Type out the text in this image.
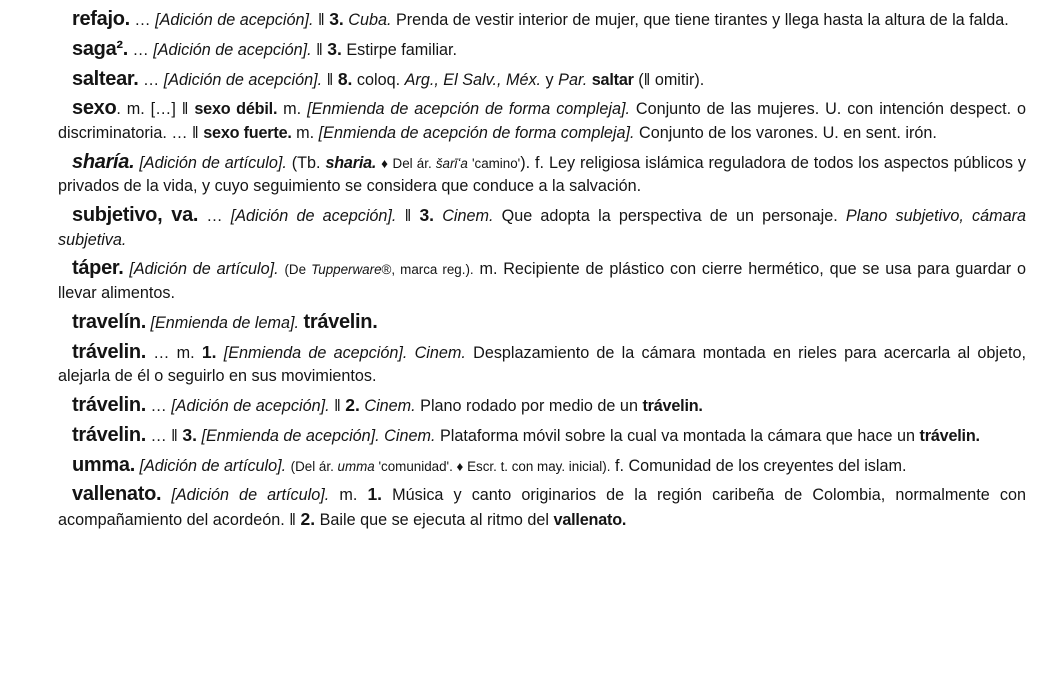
refajo. … [Adición de acepción]. ‖ 3. Cuba. Prenda de vestir interior de mujer, que tiene tirantes y llega hasta la altura de la falda.

saga². … [Adición de acepción]. ‖ 3. Estirpe familiar.

saltear. … [Adición de acepción]. ‖ 8. coloq. Arg., El Salv., Méx. y Par. saltar (‖ omitir).

sexo. m. […] ‖ sexo débil. m. [Enmienda de acepción de forma compleja]. Conjunto de las mujeres. U. con intención despect. o discriminatoria. … ‖ sexo fuerte. m. [Enmienda de acepción de forma compleja]. Conjunto de los varones. U. en sent. irón.

sharía. [Adición de artículo]. (Tb. sharia. ♦ Del ár. šarīʻa 'camino'). f. Ley religiosa islámica reguladora de todos los aspectos públicos y privados de la vida, y cuyo seguimiento se considera que conduce a la salvación.

subjetivo, va. … [Adición de acepción]. ‖ 3. Cinem. Que adopta la perspectiva de un personaje. Plano subjetivo, cámara subjetiva.

táper. [Adición de artículo]. (De Tupperware®, marca reg.). m. Recipiente de plástico con cierre hermético, que se usa para guardar o llevar alimentos.

travelín. [Enmienda de lema]. trávelin.

trávelin. … m. 1. [Enmienda de acepción]. Cinem. Desplazamiento de la cámara montada en rieles para acercarla al objeto, alejarla de él o seguirlo en sus movimientos.

trávelin. … [Adición de acepción]. ‖ 2. Cinem. Plano rodado por medio de un trávelin.

trávelin. … ‖ 3. [Enmienda de acepción]. Cinem. Plataforma móvil sobre la cual va montada la cámara que hace un trávelin.

umma. [Adición de artículo]. (Del ár. umma 'comunidad'. ♦ Escr. t. con may. inicial). f. Comunidad de los creyentes del islam.

vallenato. [Adición de artículo]. m. 1. Música y canto originarios de la región caribeña de Colombia, normalmente con acompañamiento del acordeón. ‖ 2. Baile que se ejecuta al ritmo del vallenato.
